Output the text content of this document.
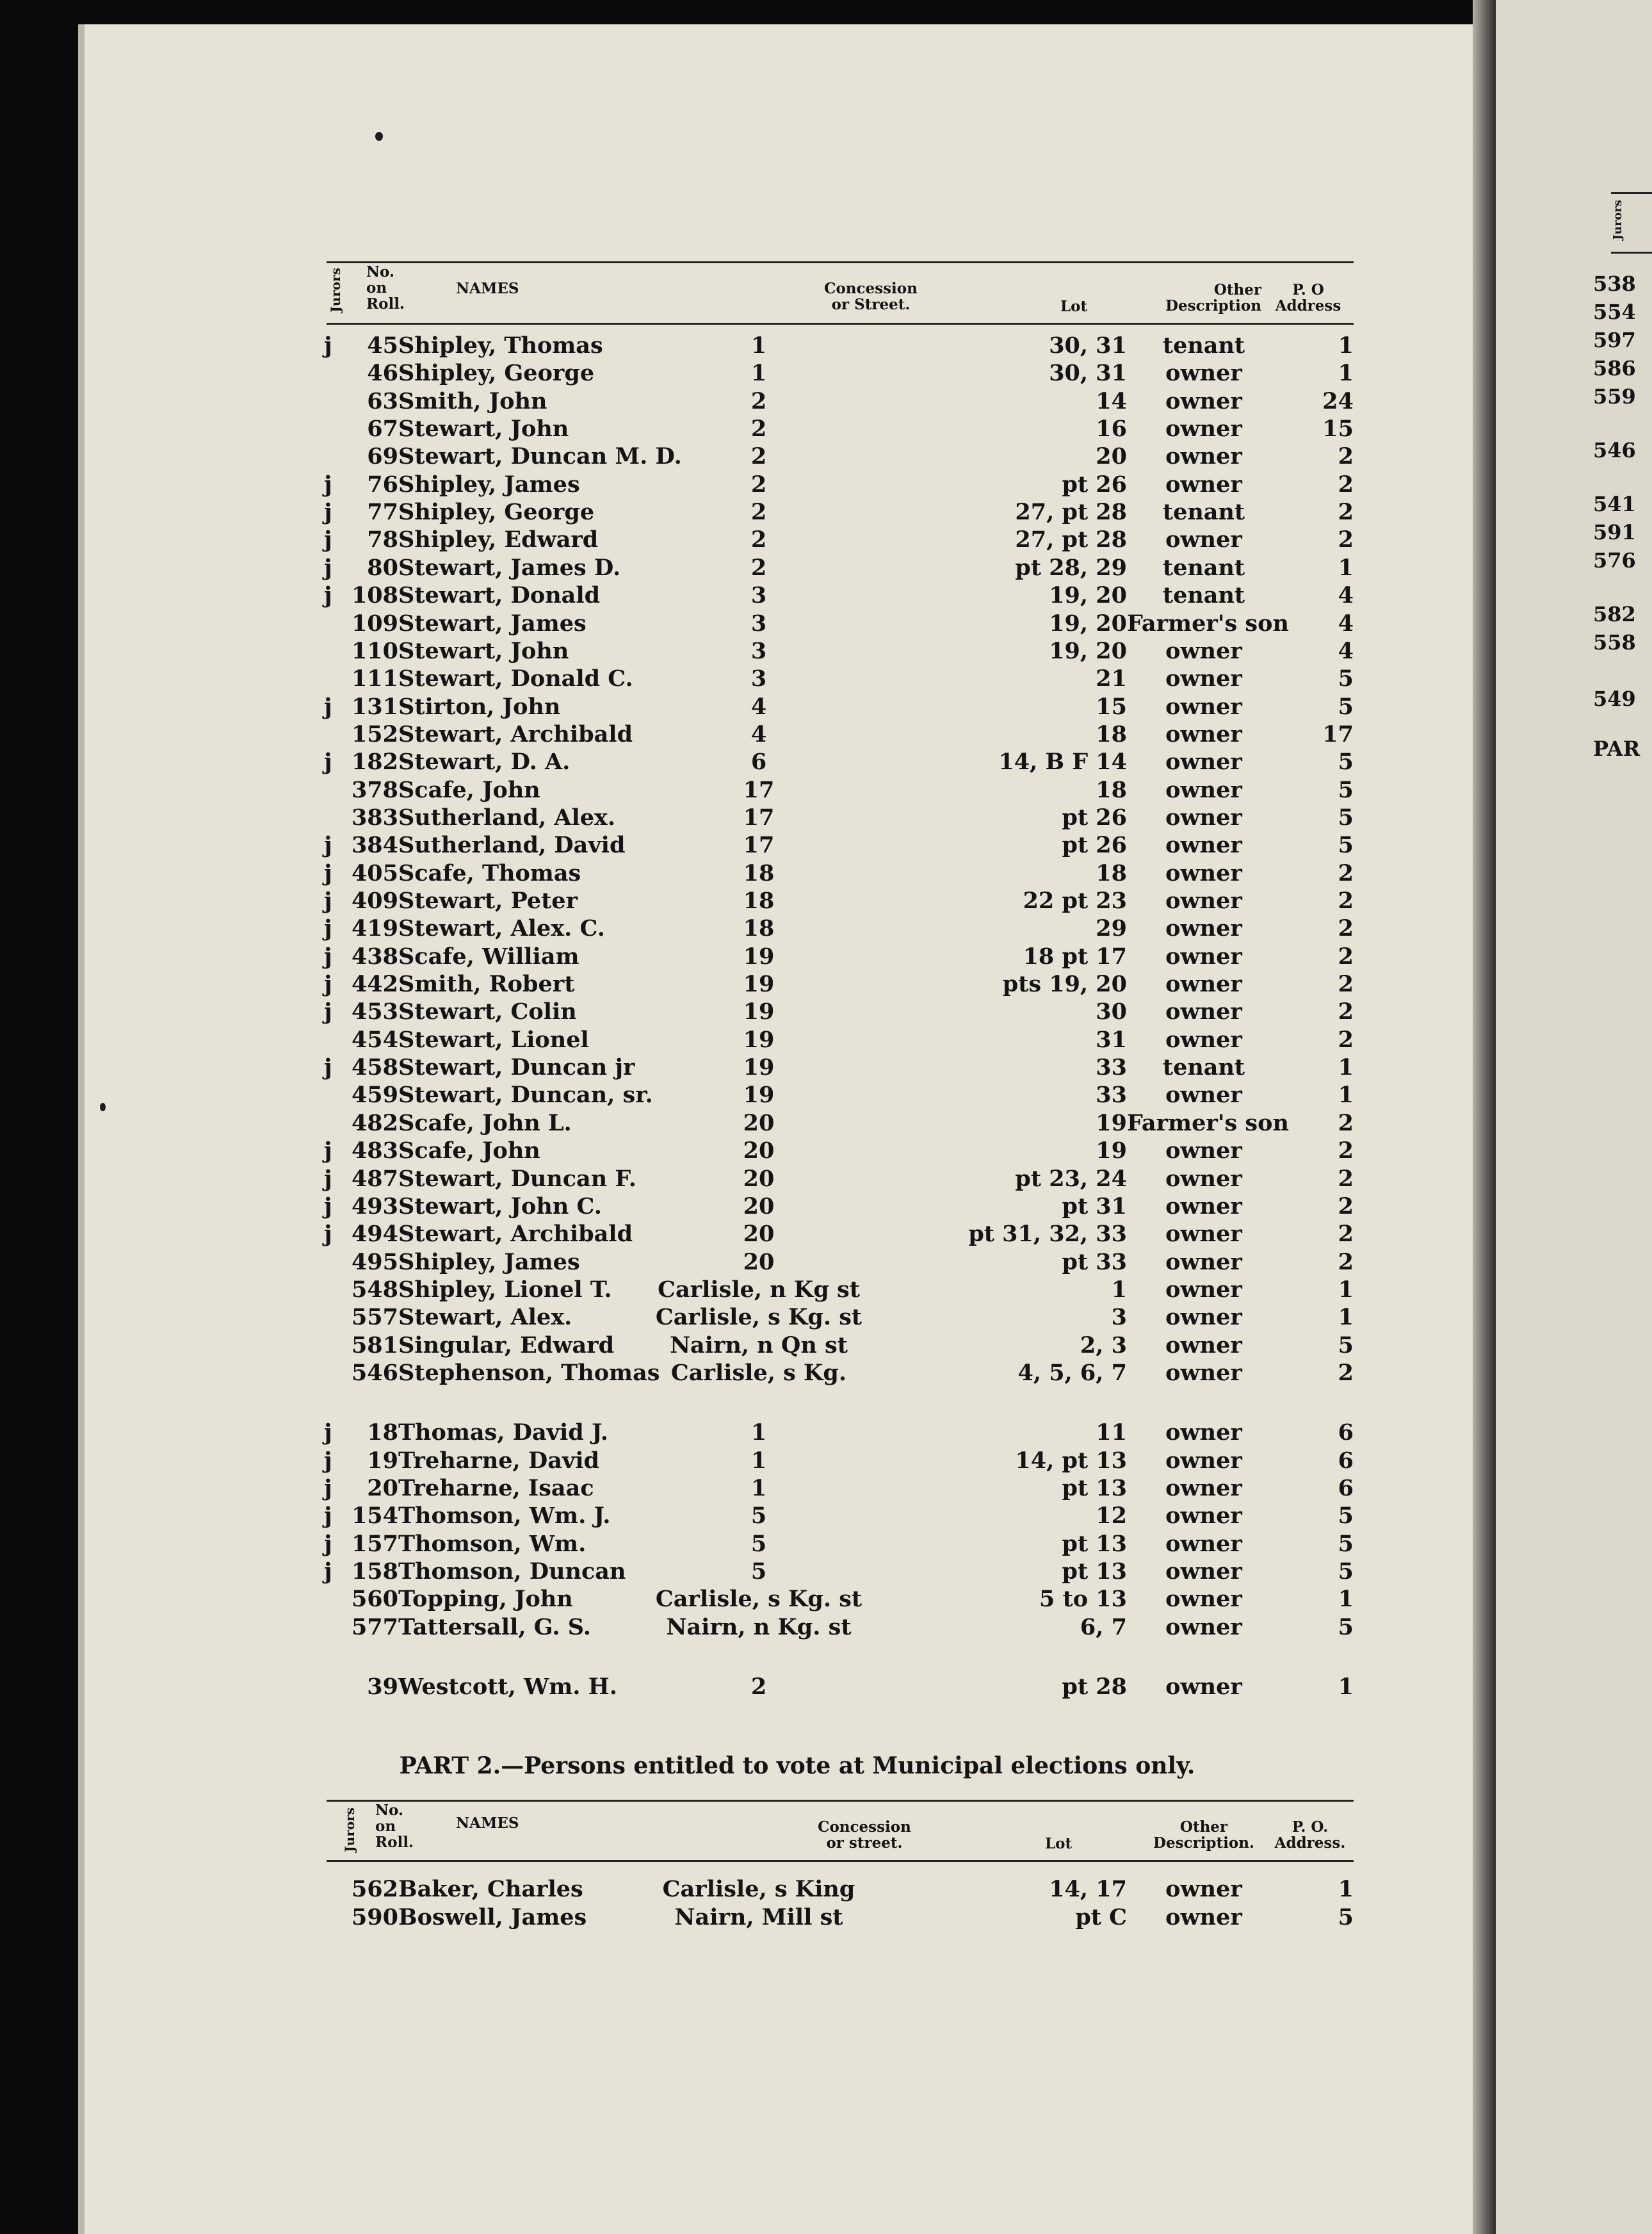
Jurors
538
554
597
586
559
546
541
591
576
582
558
549
PAR
Jurors No.
on
Roll.
NAMES	Concession
or Street.	Lot
Other
Description
P. O
Address
j	45 Shipley, Thomas	1	30, 31	tenant	1
46 Shipley, George	1	30, 31	owner	1
63 Smith, John	2	14	owner	24
67 Stewart, John	2	16	owner	15
69 Stewart, Duncan M. D.	2	20	owner	2
j	76 Shipley, James	2	pt 26	owner	2
j	77 Shipley, George	2	27, pt 28	tenant	2
j	78 Shipley, Edward	2	27, pt 28	owner	2
j	80 Stewart, James D.	2	pt 28, 29	tenant	1
j 108 Stewart, Donald	3	19, 20	tenant	4
109 Stewart, James	3	19, 20 Farmer's son	4
110 Stewart, John	3	19, 20	owner	4
111 Stewart, Donald C.	3	21	owner	5
j 131 Stirton, John	4	15	owner	5
152 Stewart, Archibald	4	18	owner	17
j 182 Stewart, D. A.	6	14, B F 14	owner	5
378 Scafe, John	17	18	owner	5
383 Sutherland, Alex.	17	pt 26	owner	5
j 384 Sutherland, David	17	pt 26	owner	5
j 405 Scafe, Thomas	18	18	owner	2
j 409 Stewart, Peter	18	22 pt 23	owner	2
j 419 Stewart, Alex. C.	18	29	owner	2
j 438 Scafe, William	19	18 pt 17	owner	2
j 442 Smith, Robert	19	pts 19, 20	owner	2
j 453 Stewart, Colin	19	30	owner	2
454 Stewart, Lionel	19	31	owner	2
j 458 Stewart, Duncan jr	19	33	tenant	1
459 Stewart, Duncan, sr.	19	33	owner	1
482 Scafe, John L.	20	19 Farmer's son	2
j 483 Scafe, John	20	19	owner	2
j 487 Stewart, Duncan F.	20	pt 23, 24	owner	2
j 493 Stewart, John C.	20	pt 31	owner	2
j 494 Stewart, Archibald	20	pt 31, 32, 33	owner	2
495 Shipley, James	20	pt 33	owner	2
548 Shipley, Lionel T.	Carlisle, n Kg st	1	owner	1
557 Stewart, Alex.	Carlisle, s Kg. st	3	owner	1
581 Singular, Edward	Nairn, n Qn st	2, 3	owner	5
546 Stephenson, Thomas Carlisle, s Kg.	4, 5, 6, 7	owner	2
j	18 Thomas, David J.	1	11	owner	6
j	19 Treharne, David	1	14, pt 13	owner	6
j	20 Treharne, Isaac	1	pt 13	owner	6
j 154 Thomson, Wm. J.	5	12	owner	5
j 157 Thomson, Wm.	5	pt 13	owner	5
j 158 Thomson, Duncan	5	pt 13	owner	5
560 Topping, John	Carlisle, s Kg. st	5 to 13	owner	1
577 Tattersall, G. S.	Nairn, n Kg. st	6, 7	owner	5
39 Westcott, Wm. H.	2	pt 28	owner	1
PART 2.—Persons entitled to vote at Municipal elections only.
Jurors No.
on
Roll.
NAMES	Concession
or street.	Lot
Other
Description.
P. O.
Address.
562 Baker, Charles	Carlisle, s King	14, 17	owner	1
590 Boswell, James	Nairn, Mill st	pt C	owner	5
